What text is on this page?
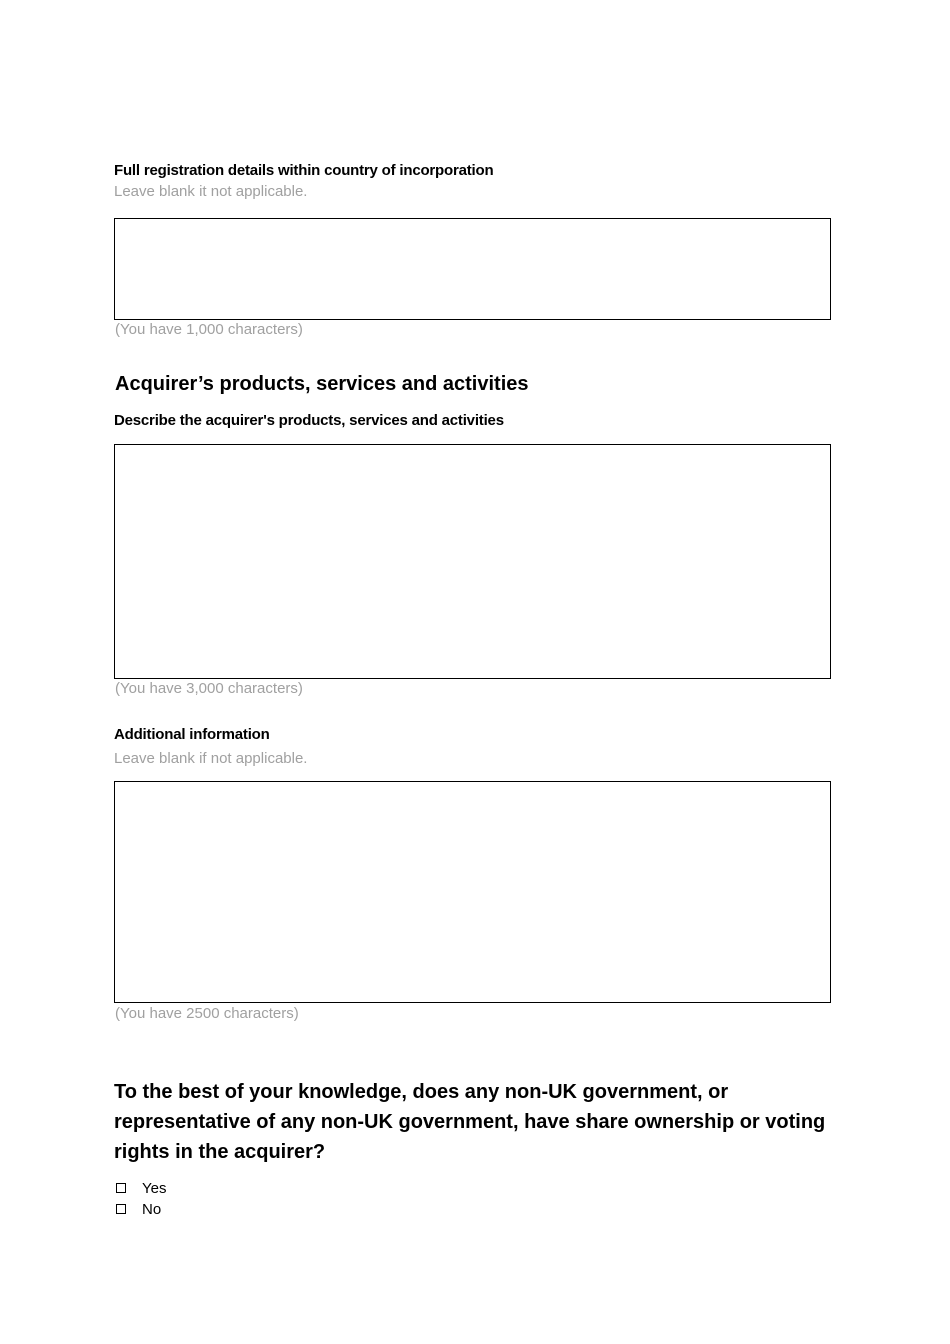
Full registration details within country of incorporation
Leave blank it not applicable.
(You have 1,000 characters)
Acquirer’s products, services and activities
Describe the acquirer's products, services and activities
(You have 3,000 characters)
Additional information
Leave blank if not applicable.
(You have 2500 characters)
To the best of your knowledge, does any non-UK government, or representative of any non-UK government, have share ownership or voting rights in the acquirer?
Yes
No
